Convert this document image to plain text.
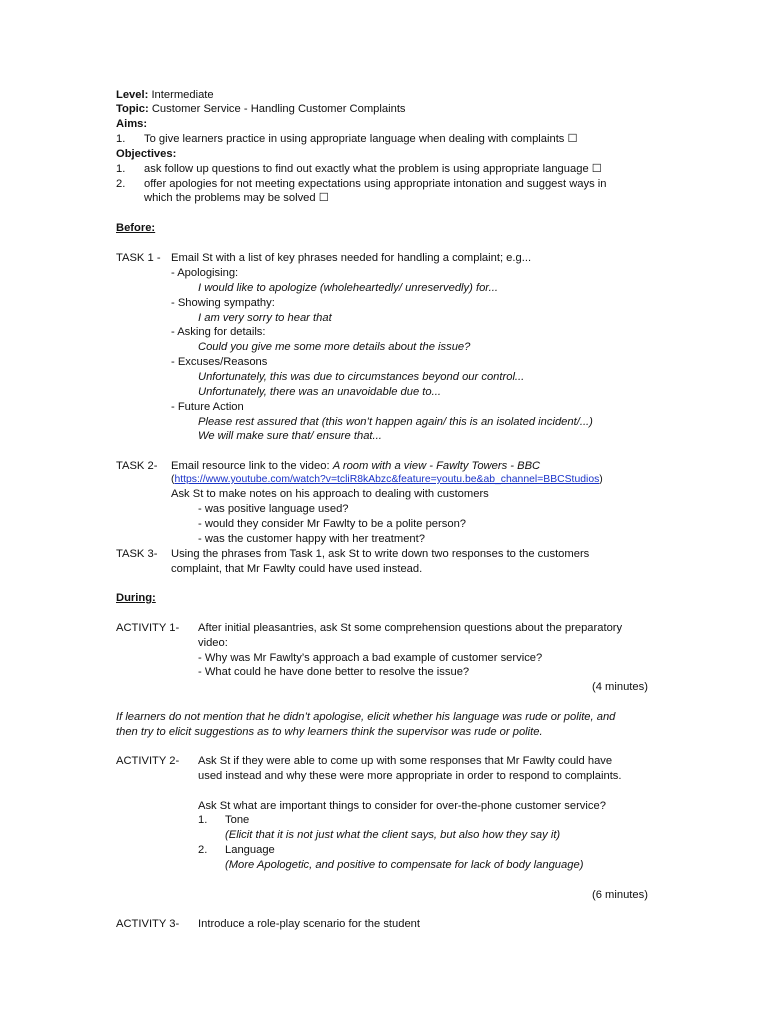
Level: Intermediate
Topic: Customer Service - Handling Customer Complaints
Aims:
1. To give learners practice in using appropriate language when dealing with complaints ☐
Objectives:
1. ask follow up questions to find out exactly what the problem is using appropriate language ☐
2. offer apologies for not meeting expectations using appropriate intonation and suggest ways in
which the problems may be solved ☐
Before:
TASK 1 - Email St with a list of key phrases needed for handling a complaint; e.g...
- Apologising:
I would like to apologize (wholeheartedly/ unreservedly) for...
- Showing sympathy:
I am very sorry to hear that
- Asking for details:
Could you give me some more details about the issue?
- Excuses/Reasons
Unfortunately, this was due to circumstances beyond our control...
Unfortunately, there was an unavoidable due to...
- Future Action
Please rest assured that (this won’t happen again/ this is an isolated incident/...)
We will make sure that/ ensure that...
TASK 2- Email resource link to the video: A room with a view - Fawlty Towers - BBC
(https://www.youtube.com/watch?v=tcliR8kAbzc&feature=youtu.be&ab_channel=BBCStudios)
Ask St to make notes on his approach to dealing with customers
- was positive language used?
- would they consider Mr Fawlty to be a polite person?
- was the customer happy with her treatment?
TASK 3- Using the phrases from Task 1, ask St to write down two responses to the customers
complaint, that Mr Fawlty could have used instead.
During:
ACTIVITY 1- After initial pleasantries, ask St some comprehension questions about the preparatory
video:
- Why was Mr Fawlty’s approach a bad example of customer service?
- What could he have done better to resolve the issue?
(4 minutes)
If learners do not mention that he didn’t apologise, elicit whether his language was rude or polite, and
then try to elicit suggestions as to why learners think the supervisor was rude or polite.
ACTIVITY 2- Ask St if they were able to come up with some responses that Mr Fawlty could have
used instead and why these were more appropriate in order to respond to complaints.
Ask St what are important things to consider for over-the-phone customer service?
1. Tone
(Elicit that it is not just what the client says, but also how they say it)
2. Language
(More Apologetic, and positive to compensate for lack of body language)
(6 minutes)
ACTIVITY 3- Introduce a role-play scenario for the student
